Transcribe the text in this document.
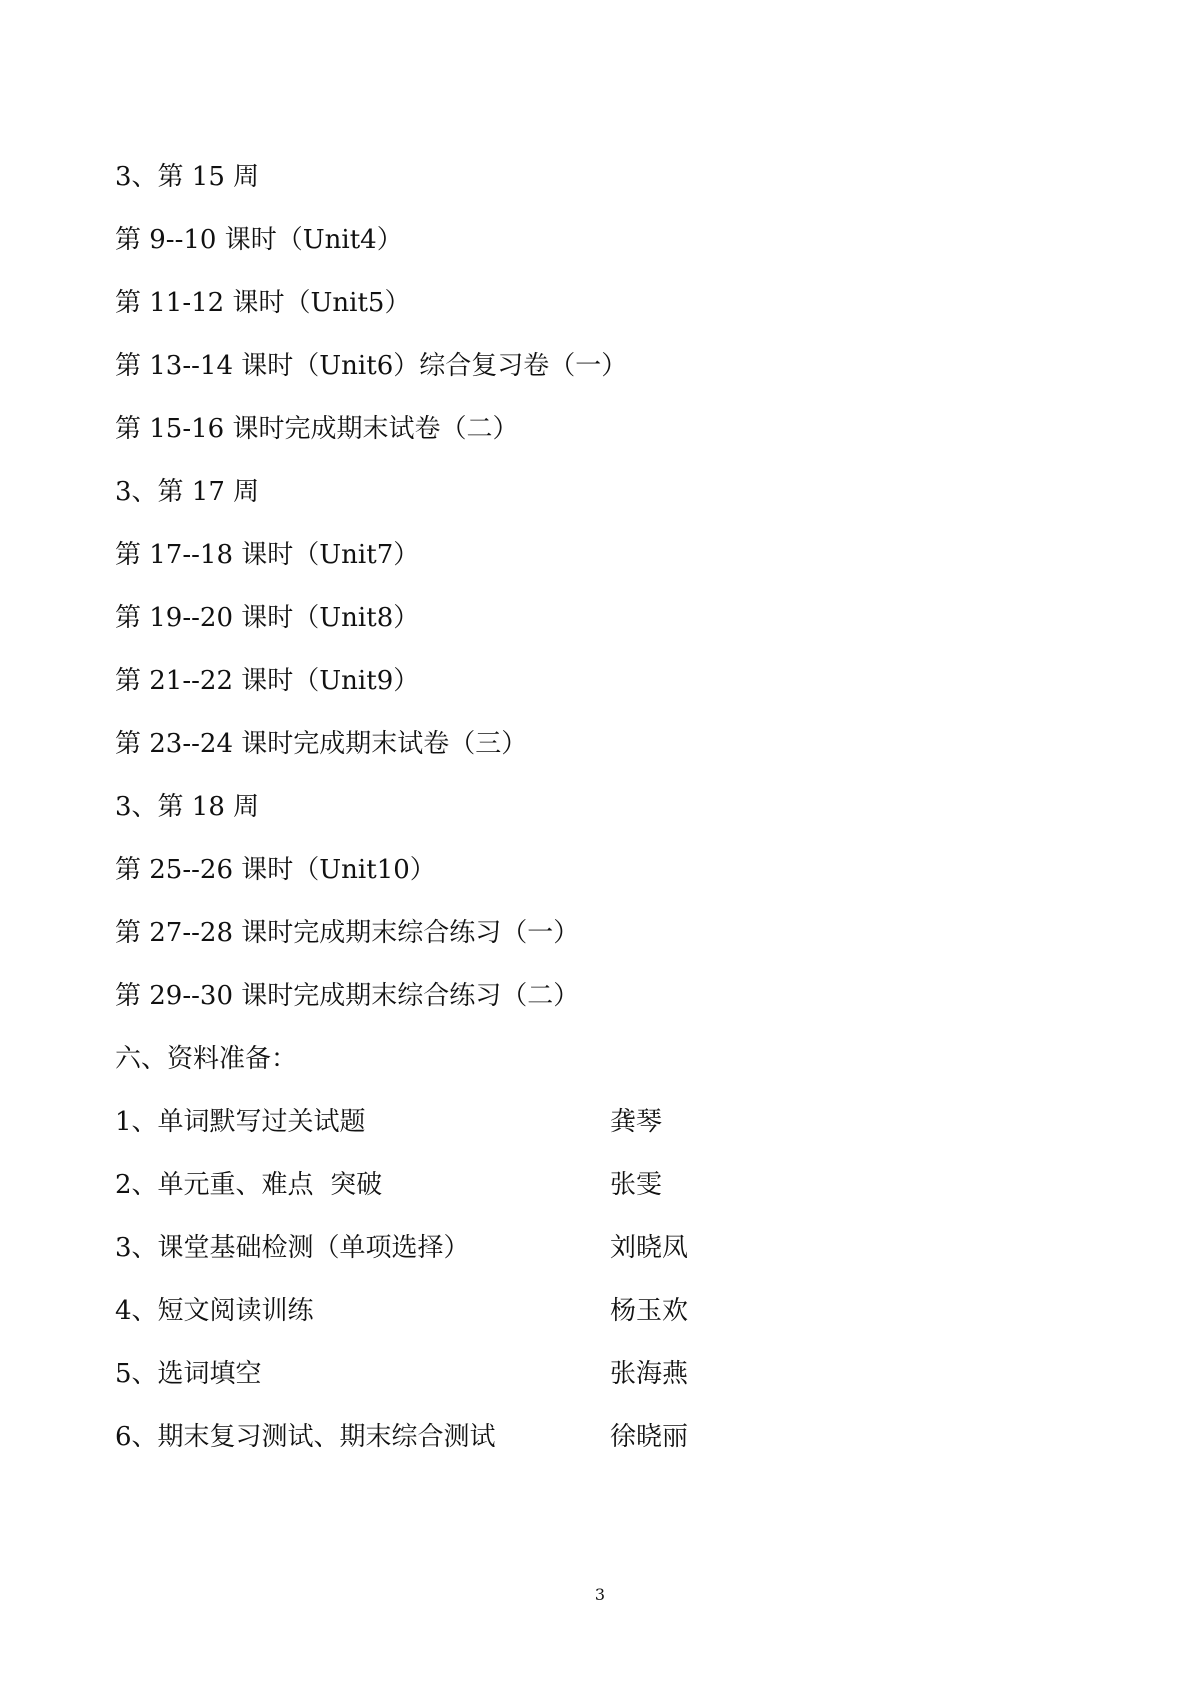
3、第 15 周
第 9--10 课时（Unit4）
第 11-12 课时（Unit5）
第 13--14 课时（Unit6）综合复习卷（一）
第 15-16 课时完成期末试卷（二）
3、第 17 周
第 17--18 课时（Unit7）
第 19--20 课时（Unit8）
第 21--22 课时（Unit9）
第 23--24 课时完成期末试卷（三）
3、第 18 周
第 25--26 课时（Unit10）
第 27--28 课时完成期末综合练习（一）
第 29--30 课时完成期末综合练习（二）
六、资料准备：
1、单词默写过关试题	龚琴
2、单元重、难点  突破	张雯
3、课堂基础检测（单项选择）	刘晓凤
4、短文阅读训练	杨玉欢
5、选词填空	张海燕
6、期末复习测试、期末综合测试	徐晓丽
3
